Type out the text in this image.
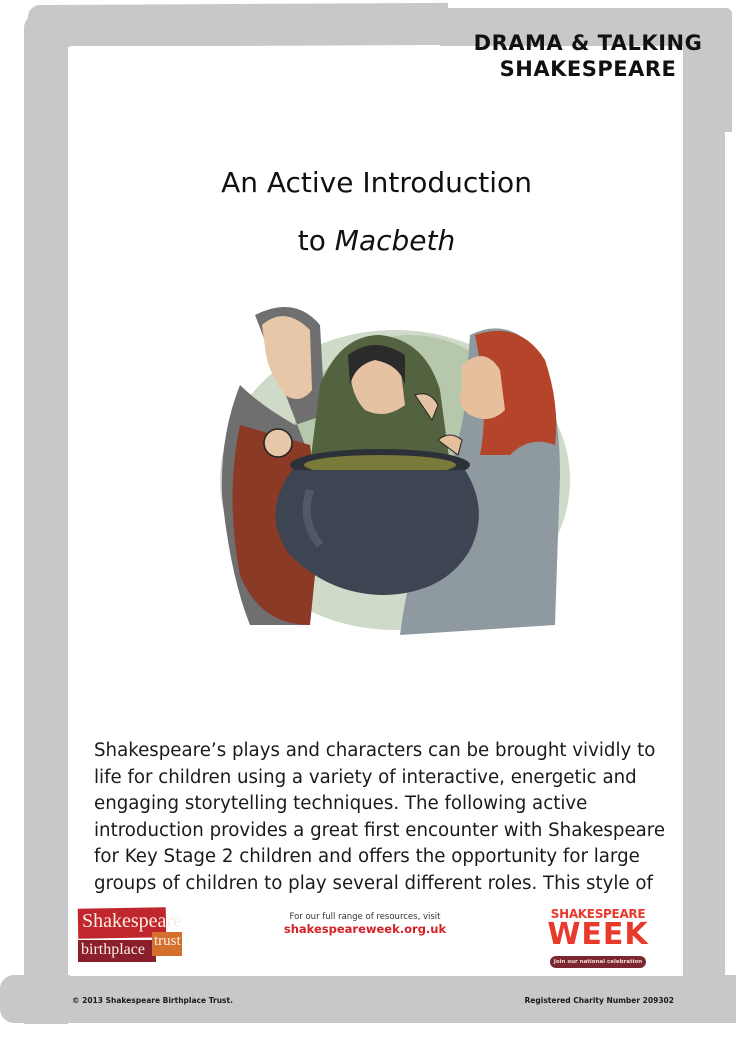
DRAMA & TALKING
SHAKESPEARE
An Active Introduction
to Macbeth
Shakespeare’s plays and characters can be brought vividly to
life for children using a variety of interactive, energetic and
engaging storytelling techniques. The following active
introduction provides a great first encounter with Shakespeare
for Key Stage 2 children and offers the opportunity for large
groups of children to play several different roles. This style of
Shakespeare
birthplace trust
For our full range of resources, visit
shakespeareweek.org.uk
SHAKESPEARE
WEEK
Join our national celebration
© 2013 Shakespeare Birthplace Trust.	Registered Charity Number 209302
